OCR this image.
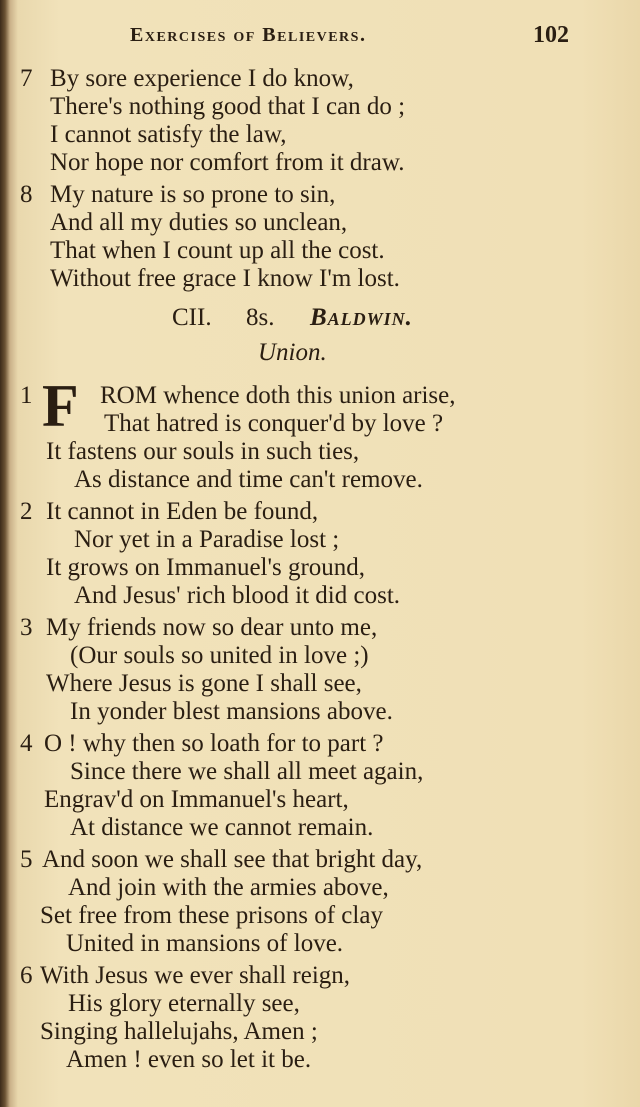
Exercises of Believers.	102
7 By sore experience I do know,
There's nothing good that I can do ;
I cannot satisfy the law,
Nor hope nor comfort from it draw.
8 My nature is so prone to sin,
And all my duties so unclean,
That when I count up all the cost.
Without free grace I know I'm lost.
CII. 8s. Baldwin.
Union.
1 F ROM whence doth this union arise,
That hatred is conquer'd by love ?
It fastens our souls in such ties,
As distance and time can't remove.
2 It cannot in Eden be found,
Nor yet in a Paradise lost ;
It grows on Immanuel's ground,
And Jesus' rich blood it did cost.
3 My friends now so dear unto me,
(Our souls so united in love ;)
Where Jesus is gone I shall see,
In yonder blest mansions above.
4 O ! why then so loath for to part ?
Since there we shall all meet again,
Engrav'd on Immanuel's heart,
At distance we cannot remain.
5 And soon we shall see that bright day,
And join with the armies above,
Set free from these prisons of clay
United in mansions of love.
6 With Jesus we ever shall reign,
His glory eternally see,
Singing hallelujahs, Amen ;
Amen ! even so let it be.
